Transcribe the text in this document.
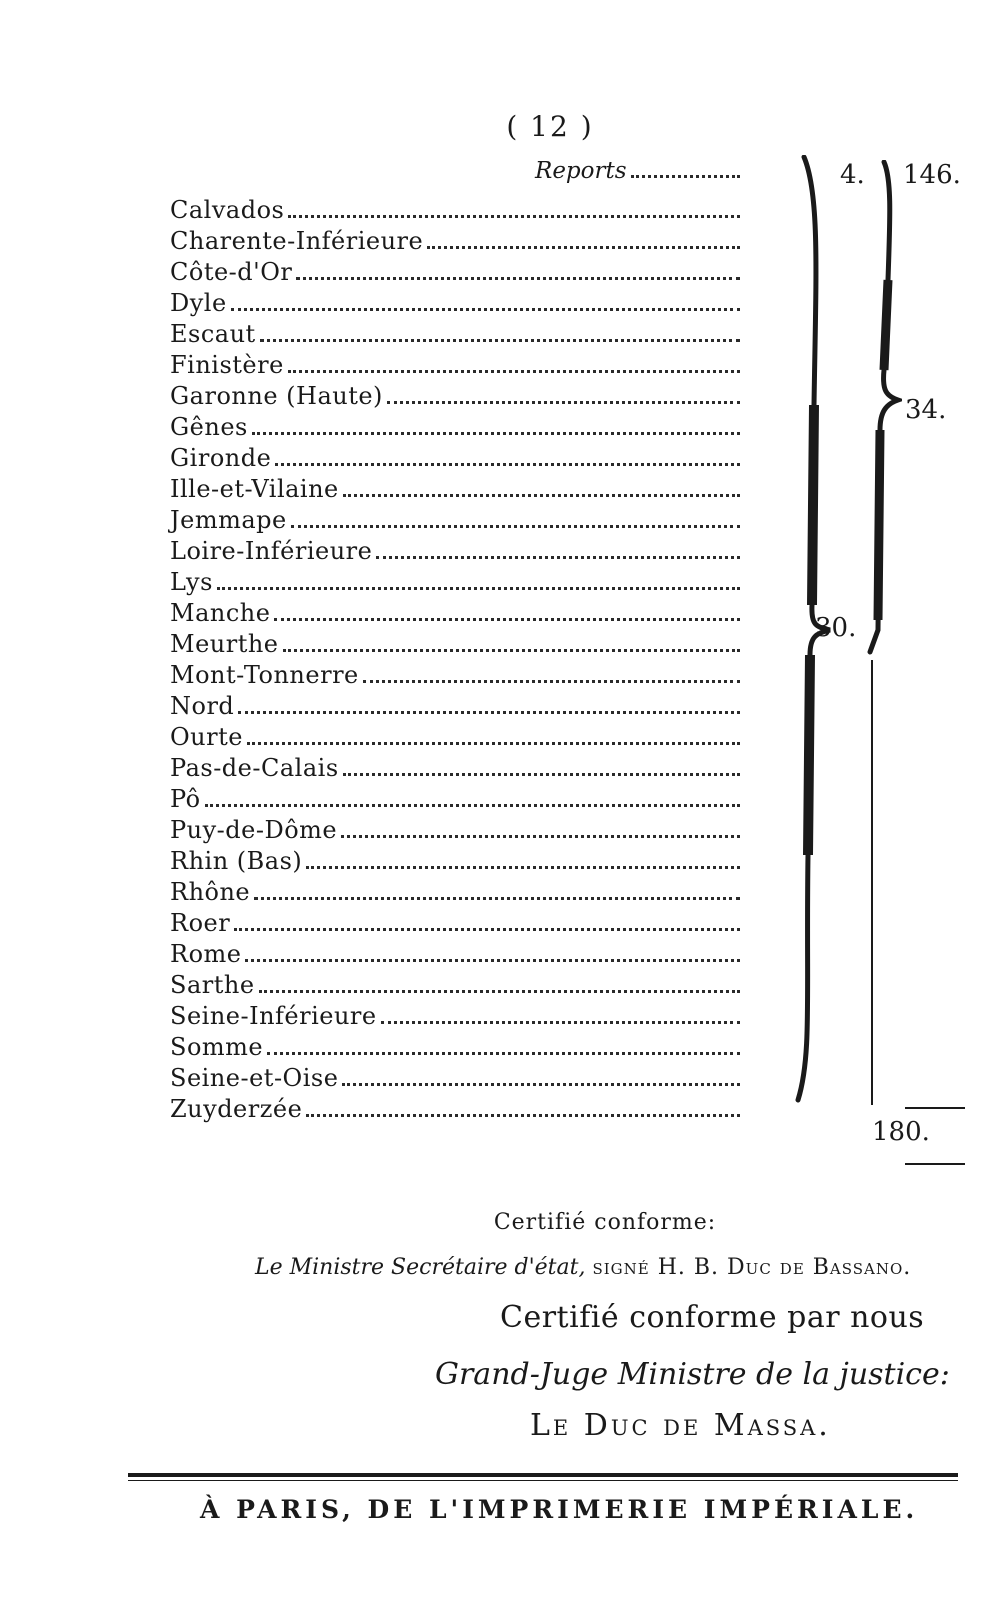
( 12 )
Reports
Calvados
Charente-Inférieure
Côte-d'Or
Dyle
Escaut
Finistère
Garonne (Haute)
Gênes
Gironde
Ille-et-Vilaine
Jemmape
Loire-Inférieure
Lys
Manche
Meurthe
Mont-Tonnerre
Nord
Ourte
Pas-de-Calais
Pô
Puy-de-Dôme
Rhin (Bas)
Rhône
Roer
Rome
Sarthe
Seine-Inférieure
Somme
Seine-et-Oise
Zuyderzée
4.
30.
146.
34.
180.
Certifié conforme:
Le Ministre Secrétaire d'état, signé H. B. Duc de Bassano.
Certifié conforme par nous
Grand-Juge Ministre de la justice:
Le Duc de Massa.
À PARIS, DE L'IMPRIMERIE IMPÉRIALE.
